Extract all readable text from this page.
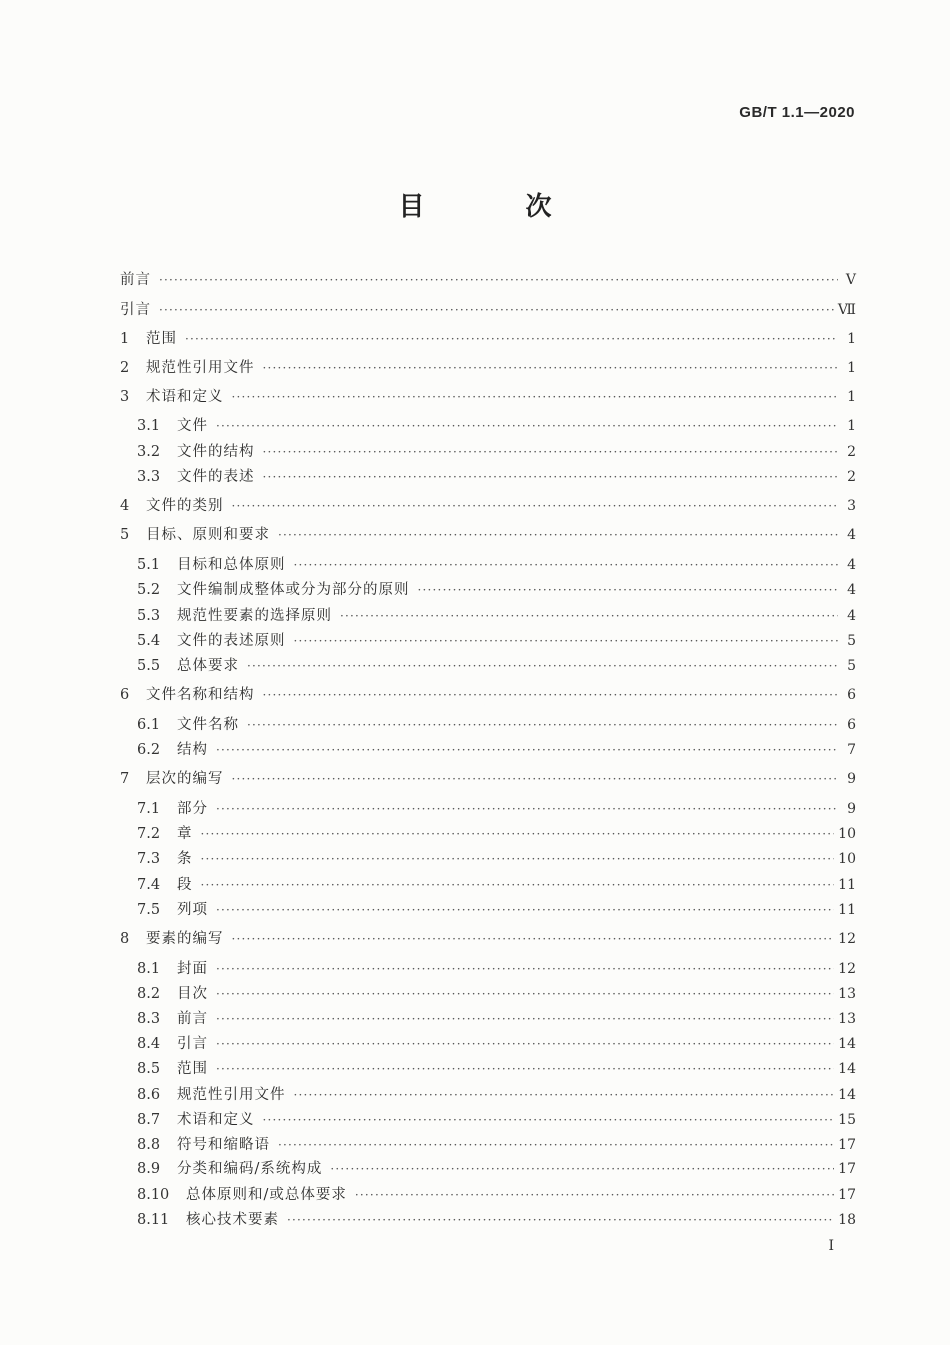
GB/T 1.1—2020
目 次
前言 ·····	Ⅴ
引言 ·····	Ⅶ
1	范围 ·····	1
2	规范性引用文件 ·····	1
3	术语和定义 ·····	1
3.1	文件 ·····	1
3.2	文件的结构 ·····	2
3.3	文件的表述 ·····	2
4	文件的类别 ·····	3
5	目标、原则和要求 ·····	4
5.1	目标和总体原则 ·····	4
5.2	文件编制成整体或分为部分的原则 ·····	4
5.3	规范性要素的选择原则 ·····	4
5.4	文件的表述原则 ·····	5
5.5	总体要求 ·····	5
6	文件名称和结构 ·····	6
6.1	文件名称 ·····	6
6.2	结构 ·····	7
7	层次的编写 ·····	9
7.1	部分 ·····	9
7.2	章 ·····	10
7.3	条 ·····	10
7.4	段 ·····	11
7.5	列项 ·····	11
8	要素的编写 ·····	12
8.1	封面 ·····	12
8.2	目次 ·····	13
8.3	前言 ·····	13
8.4	引言 ·····	14
8.5	范围 ·····	14
8.6	规范性引用文件 ·····	14
8.7	术语和定义 ·····	15
8.8	符号和缩略语 ·····	17
8.9	分类和编码/系统构成 ·····	17
8.10	总体原则和/或总体要求 ·····	17
8.11	核心技术要素 ·····	18
I
